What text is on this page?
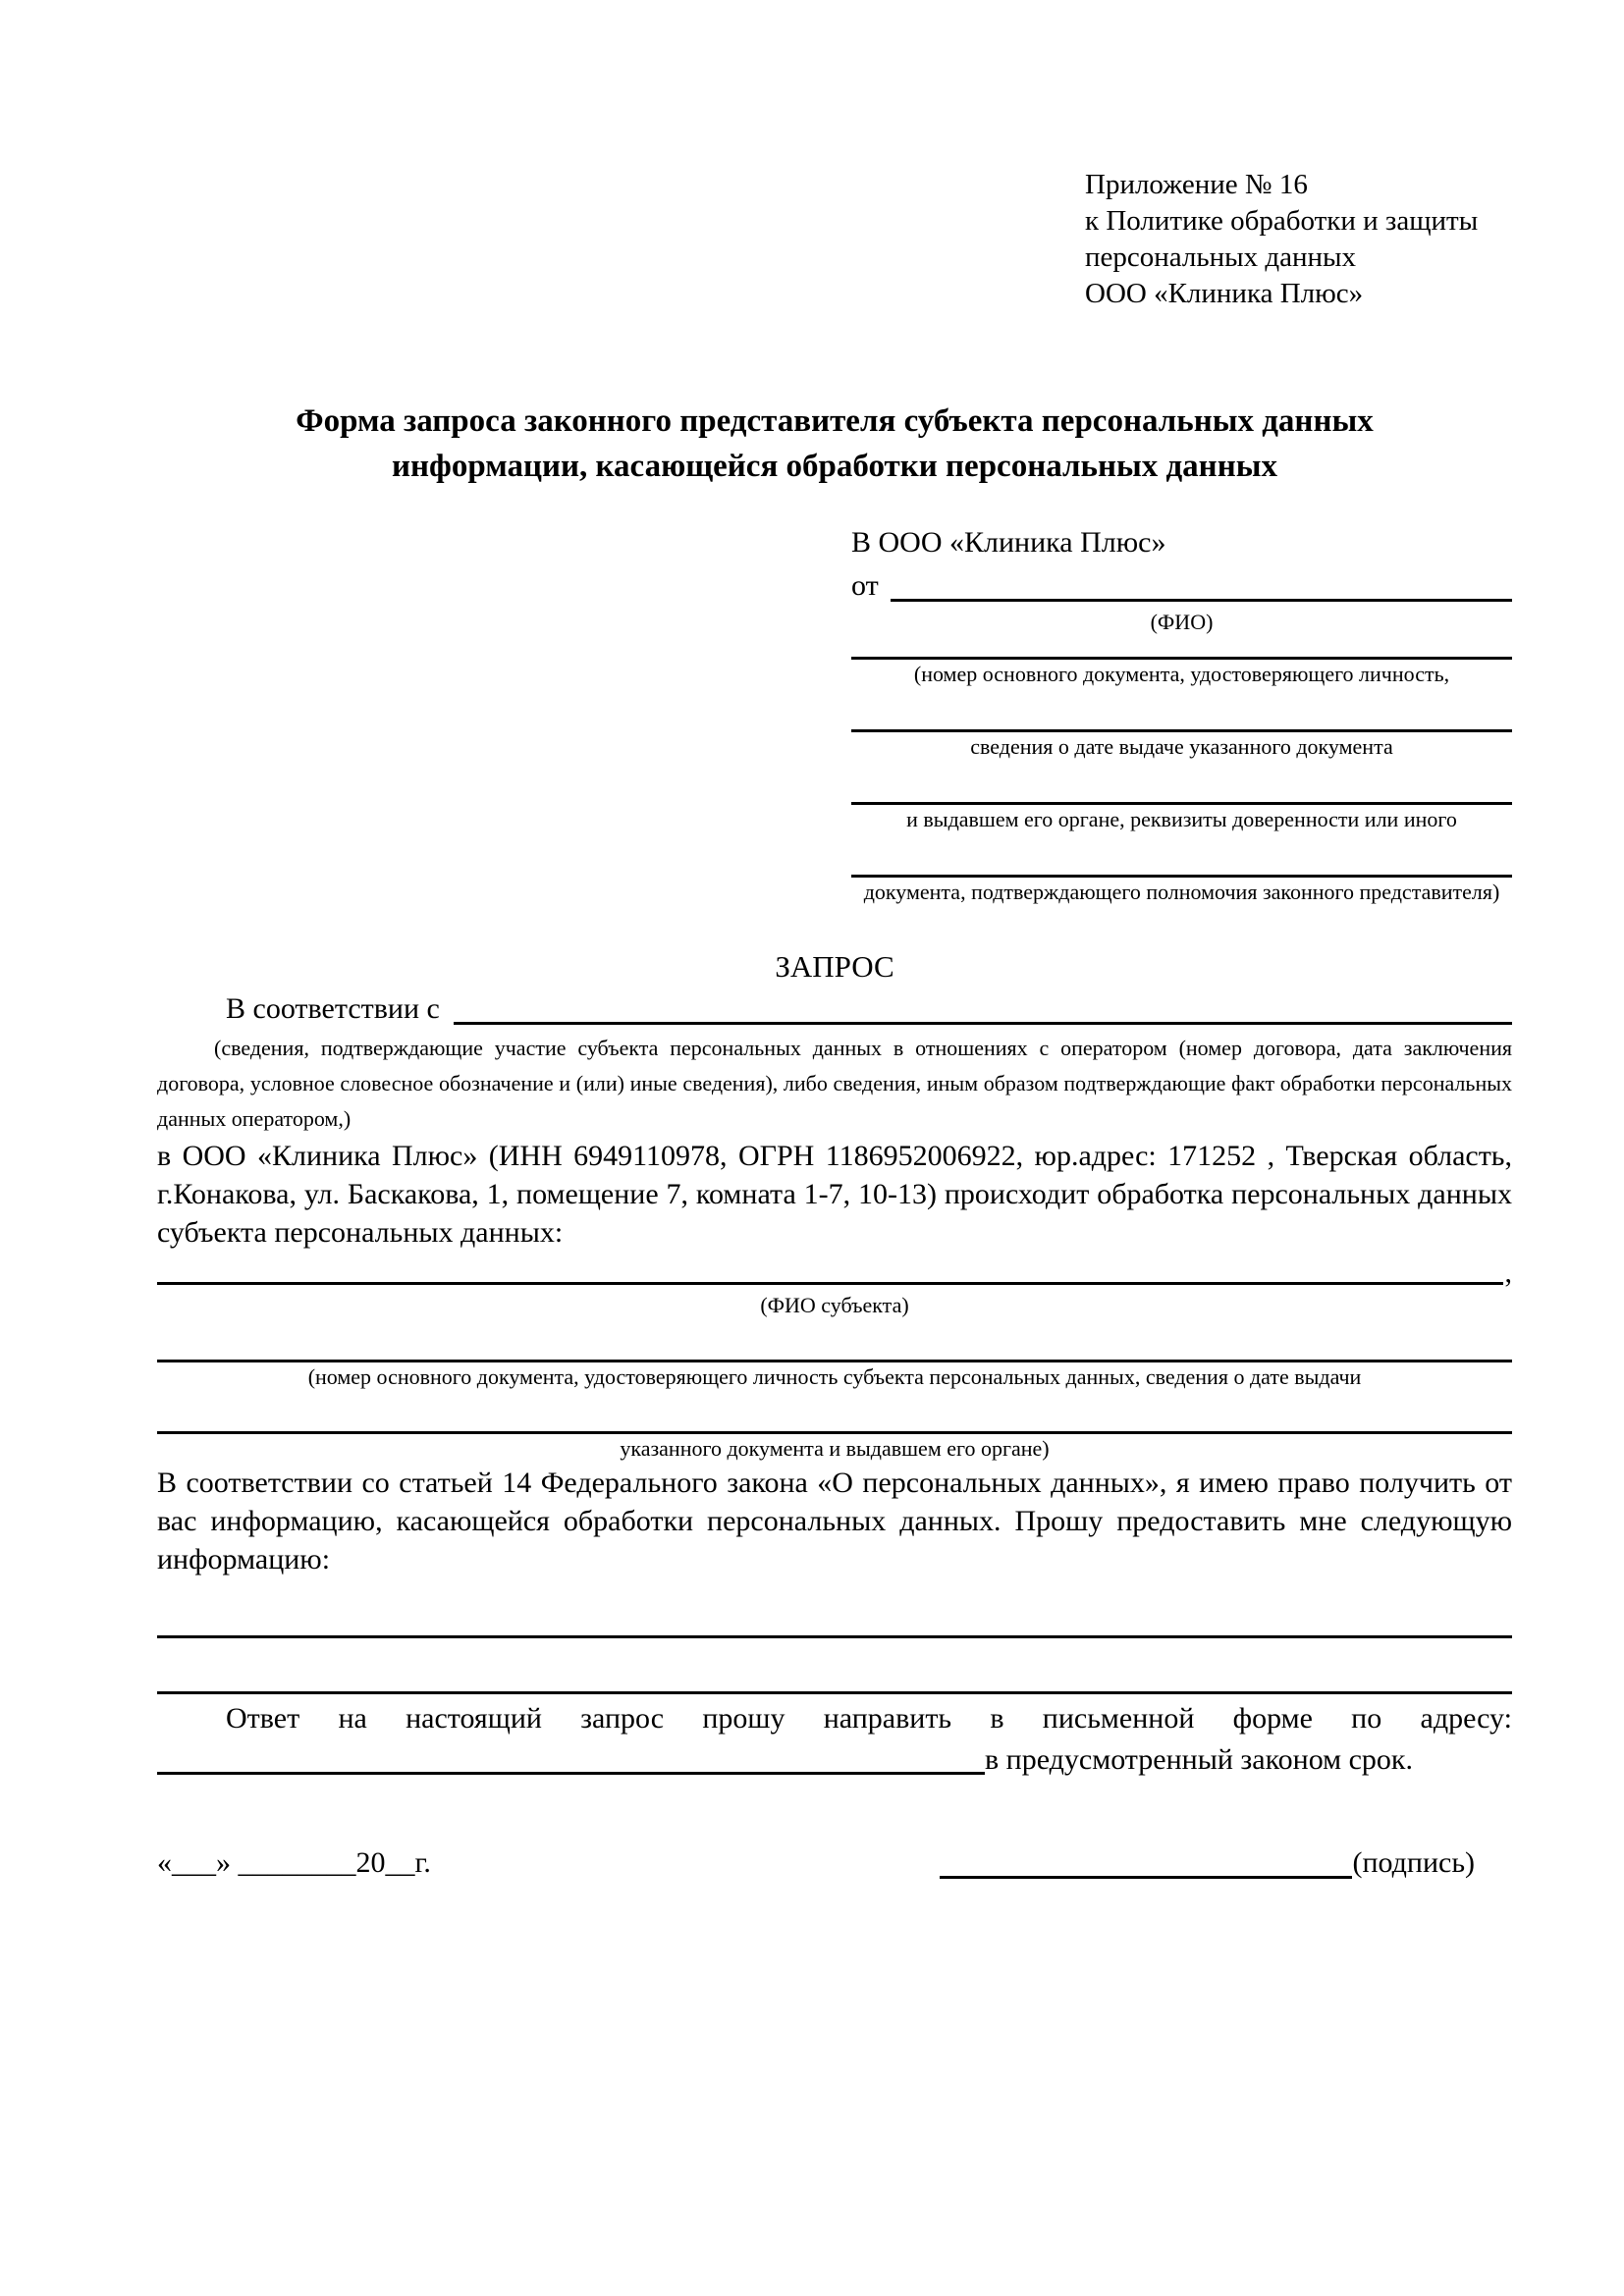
Приложение № 16
к Политике обработки и защиты
персональных данных
ООО «Клиника Плюс»
Форма запроса законного представителя субъекта персональных данных
информации, касающейся обработки персональных данных
В ООО «Клиника Плюс»
от
(ФИО)
(номер основного документа, удостоверяющего личность,
сведения о дате выдаче указанного документа
и выдавшем его органе, реквизиты доверенности или иного
документа, подтверждающего полномочия законного представителя)
ЗАПРОС
В соответствии с
(сведения, подтверждающие участие субъекта персональных данных в отношениях с оператором (номер договора, дата заключения договора, условное словесное обозначение и (или) иные сведения), либо сведения, иным образом подтверждающие факт обработки персональных данных оператором,)

в ООО «Клиника Плюс» (ИНН 6949110978, ОГРН 1186952006922, юр.адрес: 171252 , Тверская область, г.Конакова, ул. Баскакова, 1, помещение 7, комната 1-7, 10-13) происходит обработка персональных данных субъекта персональных данных:

,
(ФИО субъекта)
(номер основного документа, удостоверяющего личность субъекта персональных данных, сведения о дате выдачи
указанного документа и выдавшем его органе)

В соответствии со статьей 14 Федерального закона «О персональных данных», я имею право получить от вас информацию, касающейся обработки персональных данных. Прошу предоставить мне следующую информацию:

Ответ на настоящий запрос прошу направить в письменной форме по адресу:
в предусмотренный законом срок.
«___» ________20__г.	(подпись)
